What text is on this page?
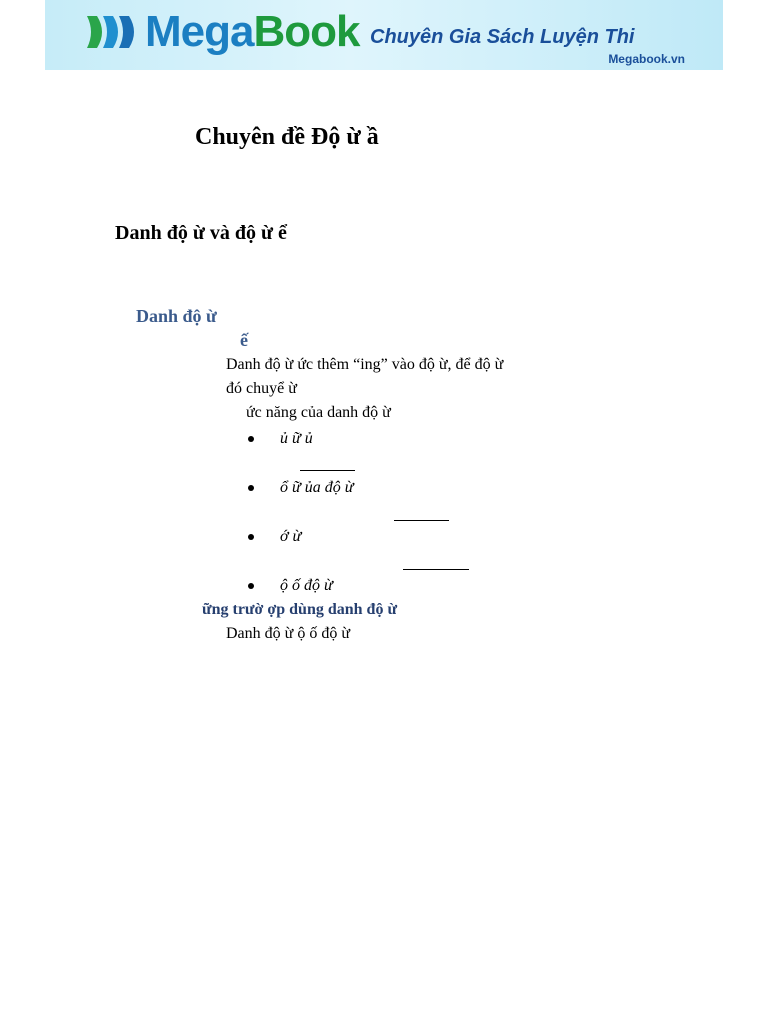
MegaBook Chuyên Gia Sách Luyện Thi
Megabook.vn
Chuyên đề Độ ừ ầ
Danh độ ừ và độ ừ ể
Danh độ ừ
ế
Danh độ ừ ức thêm “ing” vào độ ừ, để độ ừ
đó chuyể ừ
ức năng của danh độ ừ
ủ ữ ủ
ổ ữ ủa độ ừ
ớ ừ
ộ ố độ ừ
ững trườ ợp dùng danh độ ừ
Danh độ ừ ộ ố độ ừ
